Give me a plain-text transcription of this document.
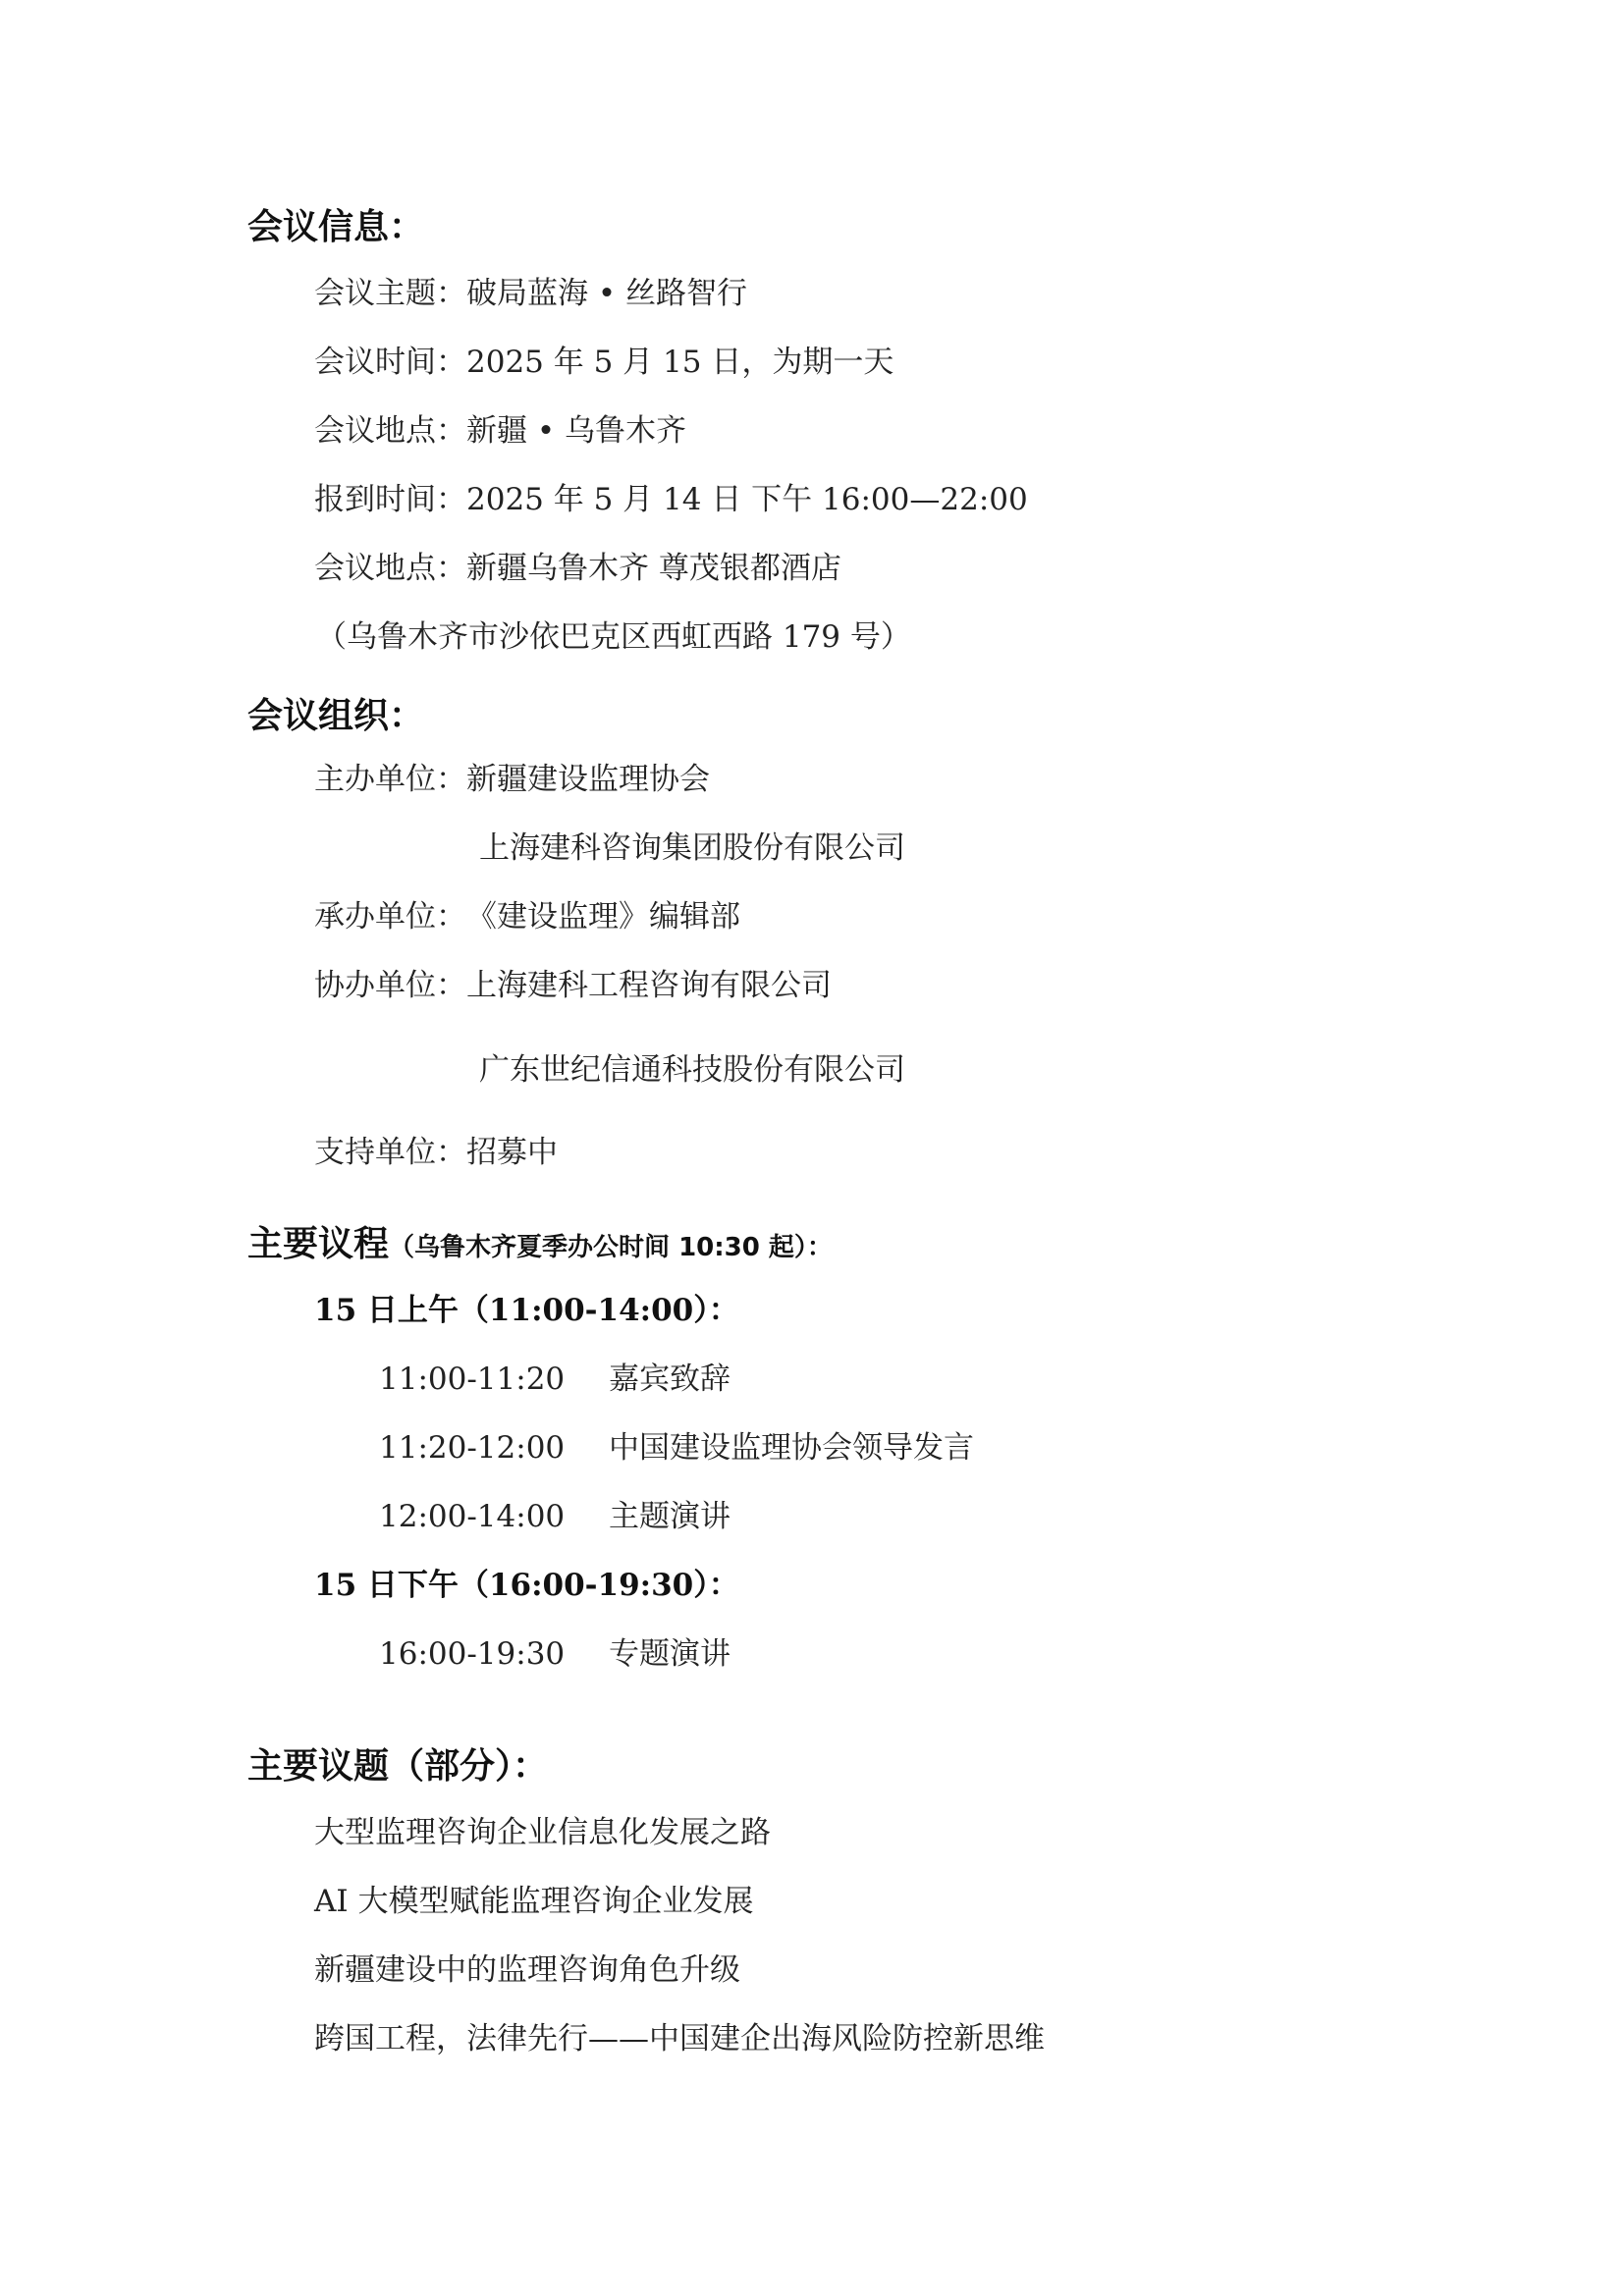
会议信息：
会议主题：破局蓝海 • 丝路智行
会议时间：2025 年 5 月 15 日，为期一天
会议地点：新疆 • 乌鲁木齐
报到时间：2025 年 5 月 14 日 下午 16:00—22:00
会议地点：新疆乌鲁木齐 尊茂银都酒店
（乌鲁木齐市沙依巴克区西虹西路 179 号）
会议组织：
主办单位：新疆建设监理协会
上海建科咨询集团股份有限公司
承办单位：《建设监理》编辑部
协办单位：上海建科工程咨询有限公司
广东世纪信通科技股份有限公司
支持单位：招募中
主要议程（乌鲁木齐夏季办公时间 10:30 起）：
15 日上午（11:00-14:00）：
11:00-11:20 嘉宾致辞
11:20-12:00 中国建设监理协会领导发言
12:00-14:00 主题演讲
15 日下午（16:00-19:30）：
16:00-19:30 专题演讲
主要议题（部分）：
大型监理咨询企业信息化发展之路
AI 大模型赋能监理咨询企业发展
新疆建设中的监理咨询角色升级
跨国工程，法律先行——中国建企出海风险防控新思维
